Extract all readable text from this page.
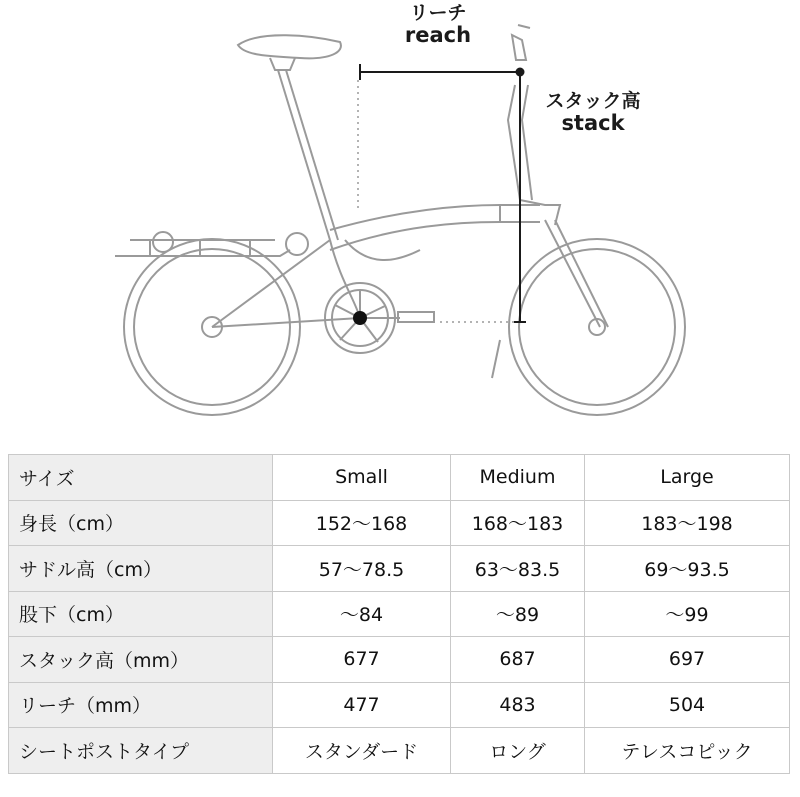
リーチ
reach
スタック高
stack
サイズ	Small	Medium	Large
身長（cm）	152〜168	168〜183	183〜198
サドル高（cm）	57〜78.5	63〜83.5	69〜93.5
股下（cm）	〜84	〜89	〜99
スタック高（mm）	677	687	697
リーチ（mm）	477	483	504
シートポストタイプ	スタンダード	ロング	テレスコピック
